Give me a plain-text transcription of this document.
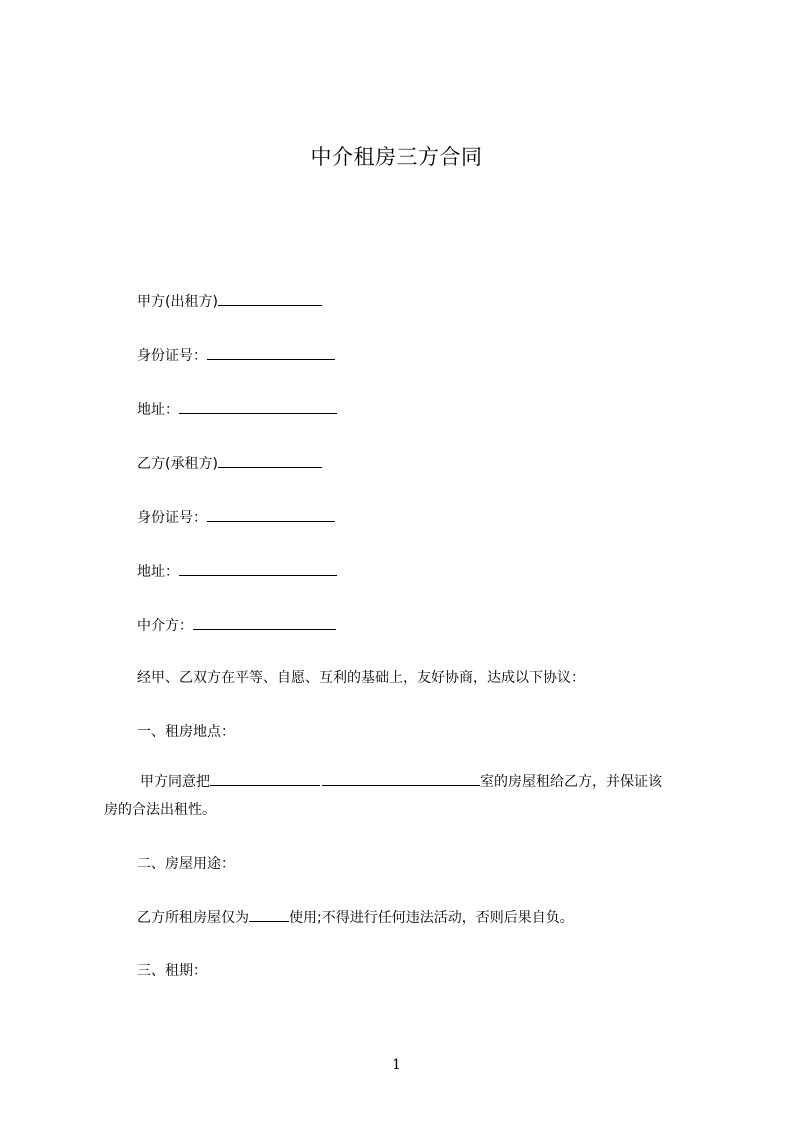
中介租房三方合同
甲方(出租方)
身份证号：
地址：
乙方(承租方)
身份证号：
地址：
中介方：
经甲、乙双方在平等、自愿、互利的基础上，友好协商，达成以下协议：
一、租房地点：
甲方同意把	室的房屋租给乙方，并保证该
房的合法出租性。
二、房屋用途：
乙方所租房屋仅为	使用;不得进行任何违法活动，否则后果自负。
三、租期：
1
